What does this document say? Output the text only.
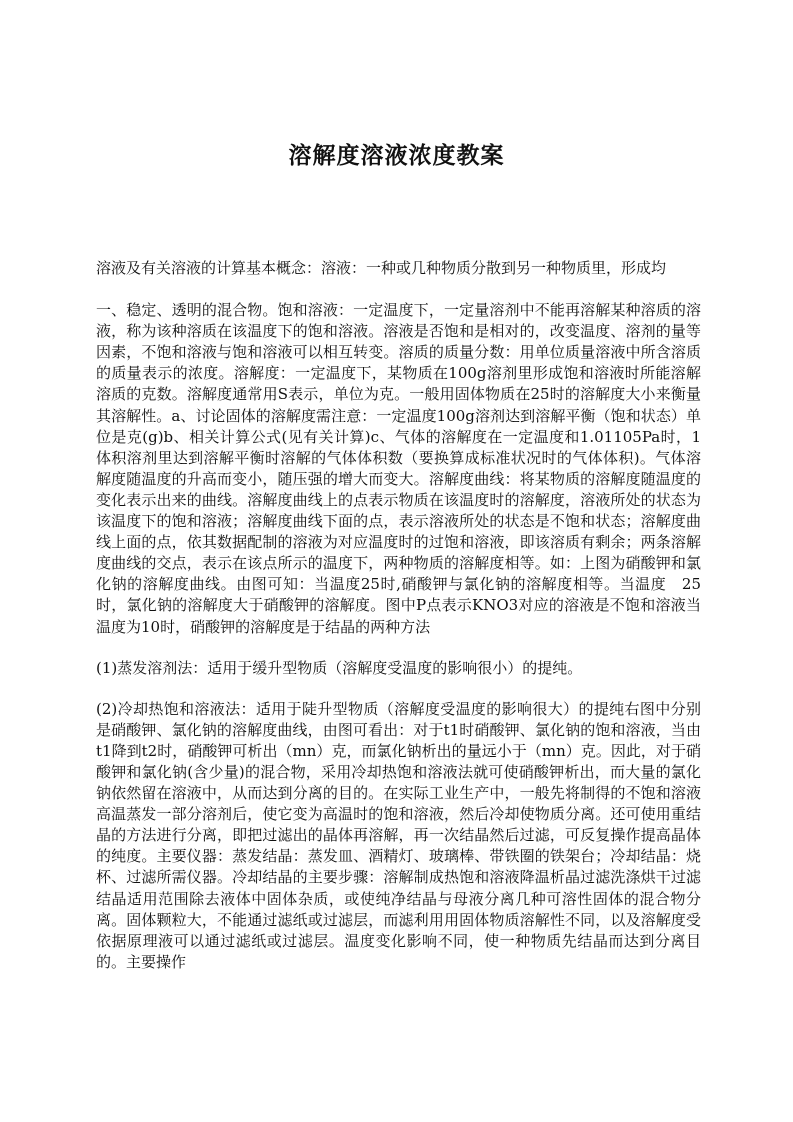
溶解度溶液浓度教案

溶液及有关溶液的计算基本概念：溶液：一种或几种物质分散到另一种物质里，形成均

一、稳定、透明的混合物。饱和溶液：一定温度下，一定量溶剂中不能再溶解某种溶质的溶液，称为该种溶质在该温度下的饱和溶液。溶液是否饱和是相对的，改变温度、溶剂的量等因素，不饱和溶液与饱和溶液可以相互转变。溶质的质量分数：用单位质量溶液中所含溶质的质量表示的浓度。溶解度：一定温度下，某物质在100g溶剂里形成饱和溶液时所能溶解溶质的克数。溶解度通常用S表示，单位为克。一般用固体物质在25时的溶解度大小来衡量其溶解性。a、讨论固体的溶解度需注意：一定温度100g溶剂达到溶解平衡（饱和状态）单位是克(g)b、相关计算公式(见有关计算)c、气体的溶解度在一定温度和1.01105Pa时，1体积溶剂里达到溶解平衡时溶解的气体体积数（要换算成标准状况时的气体体积)。气体溶解度随温度的升高而变小，随压强的增大而变大。溶解度曲线：将某物质的溶解度随温度的变化表示出来的曲线。溶解度曲线上的点表示物质在该温度时的溶解度，溶液所处的状态为该温度下的饱和溶液；溶解度曲线下面的点，表示溶液所处的状态是不饱和状态；溶解度曲线上面的点，依其数据配制的溶液为对应温度时的过饱和溶液，即该溶质有剩余；两条溶解度曲线的交点，表示在该点所示的温度下，两种物质的溶解度相等。如：上图为硝酸钾和氯化钠的溶解度曲线。由图可知：当温度25时,硝酸钾与氯化钠的溶解度相等。当温度　25时，氯化钠的溶解度大于硝酸钾的溶解度。图中P点表示KNO3对应的溶液是不饱和溶液当温度为10时，硝酸钾的溶解度是于结晶的两种方法

(1)蒸发溶剂法：适用于缓升型物质（溶解度受温度的影响很小）的提纯。

(2)冷却热饱和溶液法：适用于陡升型物质（溶解度受温度的影响很大）的提纯右图中分别是硝酸钾、氯化钠的溶解度曲线，由图可看出：对于t1时硝酸钾、氯化钠的饱和溶液，当由t1降到t2时，硝酸钾可析出（mn）克，而氯化钠析出的量远小于（mn）克。因此，对于硝酸钾和氯化钠(含少量)的混合物，采用冷却热饱和溶液法就可使硝酸钾析出，而大量的氯化钠依然留在溶液中，从而达到分离的目的。在实际工业生产中，一般先将制得的不饱和溶液高温蒸发一部分溶剂后，使它变为高温时的饱和溶液，然后冷却使物质分离。还可使用重结晶的方法进行分离，即把过滤出的晶体再溶解，再一次结晶然后过滤，可反复操作提高晶体的纯度。主要仪器：蒸发结晶：蒸发皿、酒精灯、玻璃棒、带铁圈的铁架台；冷却结晶：烧杯、过滤所需仪器。冷却结晶的主要步骤：溶解制成热饱和溶液降温析晶过滤洗涤烘干过滤结晶适用范围除去液体中固体杂质，或使纯净结晶与母液分离几种可溶性固体的混合物分离。固体颗粒大，不能通过滤纸或过滤层，而滤利用用固体物质溶解性不同，以及溶解度受依据原理液可以通过滤纸或过滤层。温度变化影响不同，使一种物质先结晶而达到分离目的。主要操作
